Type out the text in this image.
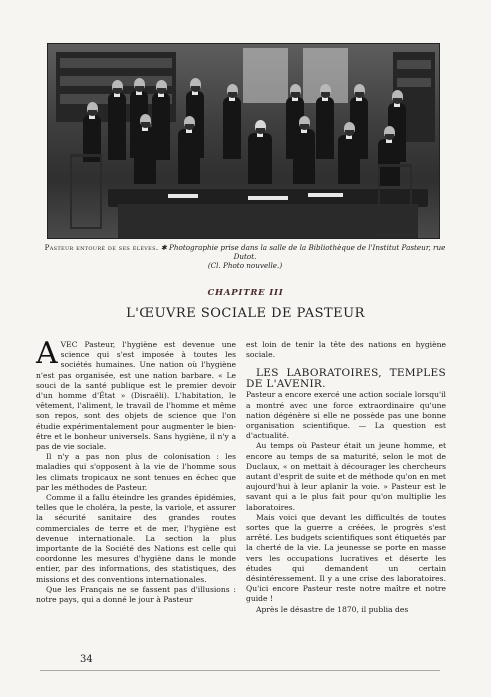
Pasteur entouré de ses élèves. ✱ Photographie prise dans la salle de la Bibliothèque de l'Institut Pasteur, rue Dutot.
(Cl. Photo nouvelle.)
CHAPITRE III
L'ŒUVRE SOCIALE DE PASTEUR

AVEC Pasteur, l'hygiène est devenue une science qui s'est imposée à toutes les sociétés humaines. Une nation où l'hygiène n'est pas organisée, est une nation barbare. « Le souci de la santé publique est le premier devoir d'un homme d'État » (Disraëli). L'habitation, le vêtement, l'aliment, le travail de l'homme et même son repos, sont des objets de science que l'on étudie expérimentalement pour augmenter le bien-être et le bonheur universels. Sans hygiène, il n'y a pas de vie sociale.

Il n'y a pas non plus de colonisation : les maladies qui s'opposent à la vie de l'homme sous les climats tropicaux ne sont tenues en échec que par les méthodes de Pasteur.

Comme il a fallu éteindre les grandes épidémies, telles que le choléra, la peste, la variole, et assurer la sécurité sanitaire des grandes routes commerciales de terre et de mer, l'hygiène est devenue internationale. La section la plus importante de la Société des Nations est celle qui coordonne les mesures d'hygiène dans le monde entier, par des informations, des statistiques, des missions et des conventions internationales.

Que les Français ne se fassent pas d'illusions : notre pays, qui a donné le jour à Pasteur

est loin de tenir la tête des nations en hygiène sociale.

LES LABORATOIRES, TEMPLES DE L'AVENIR.

Pasteur a encore exercé une action sociale lorsqu'il a montré avec une force extraordinaire qu'une nation dégénère si elle ne possède pas une bonne organisation scientifique. — La question est d'actualité.

Au temps où Pasteur était un jeune homme, et encore au temps de sa maturité, selon le mot de Duclaux, « on mettait à décourager les chercheurs autant d'esprit de suite et de méthode qu'on en met aujourd'hui à leur aplanir la voie. » Pasteur est le savant qui a le plus fait pour qu'on multiplie les laboratoires.

Mais voici que devant les difficultés de toutes sortes que la guerre a créées, le progrès s'est arrêté. Les budgets scientifiques sont étiquetés par la cherté de la vie. La jeunesse se porte en masse vers les occupations lucratives et déserte les études qui demandent un certain désintéressement. Il y a une crise des laboratoires. Qu'ici encore Pasteur reste notre maître et notre guide !

Après le désastre de 1870, il publia des

34
